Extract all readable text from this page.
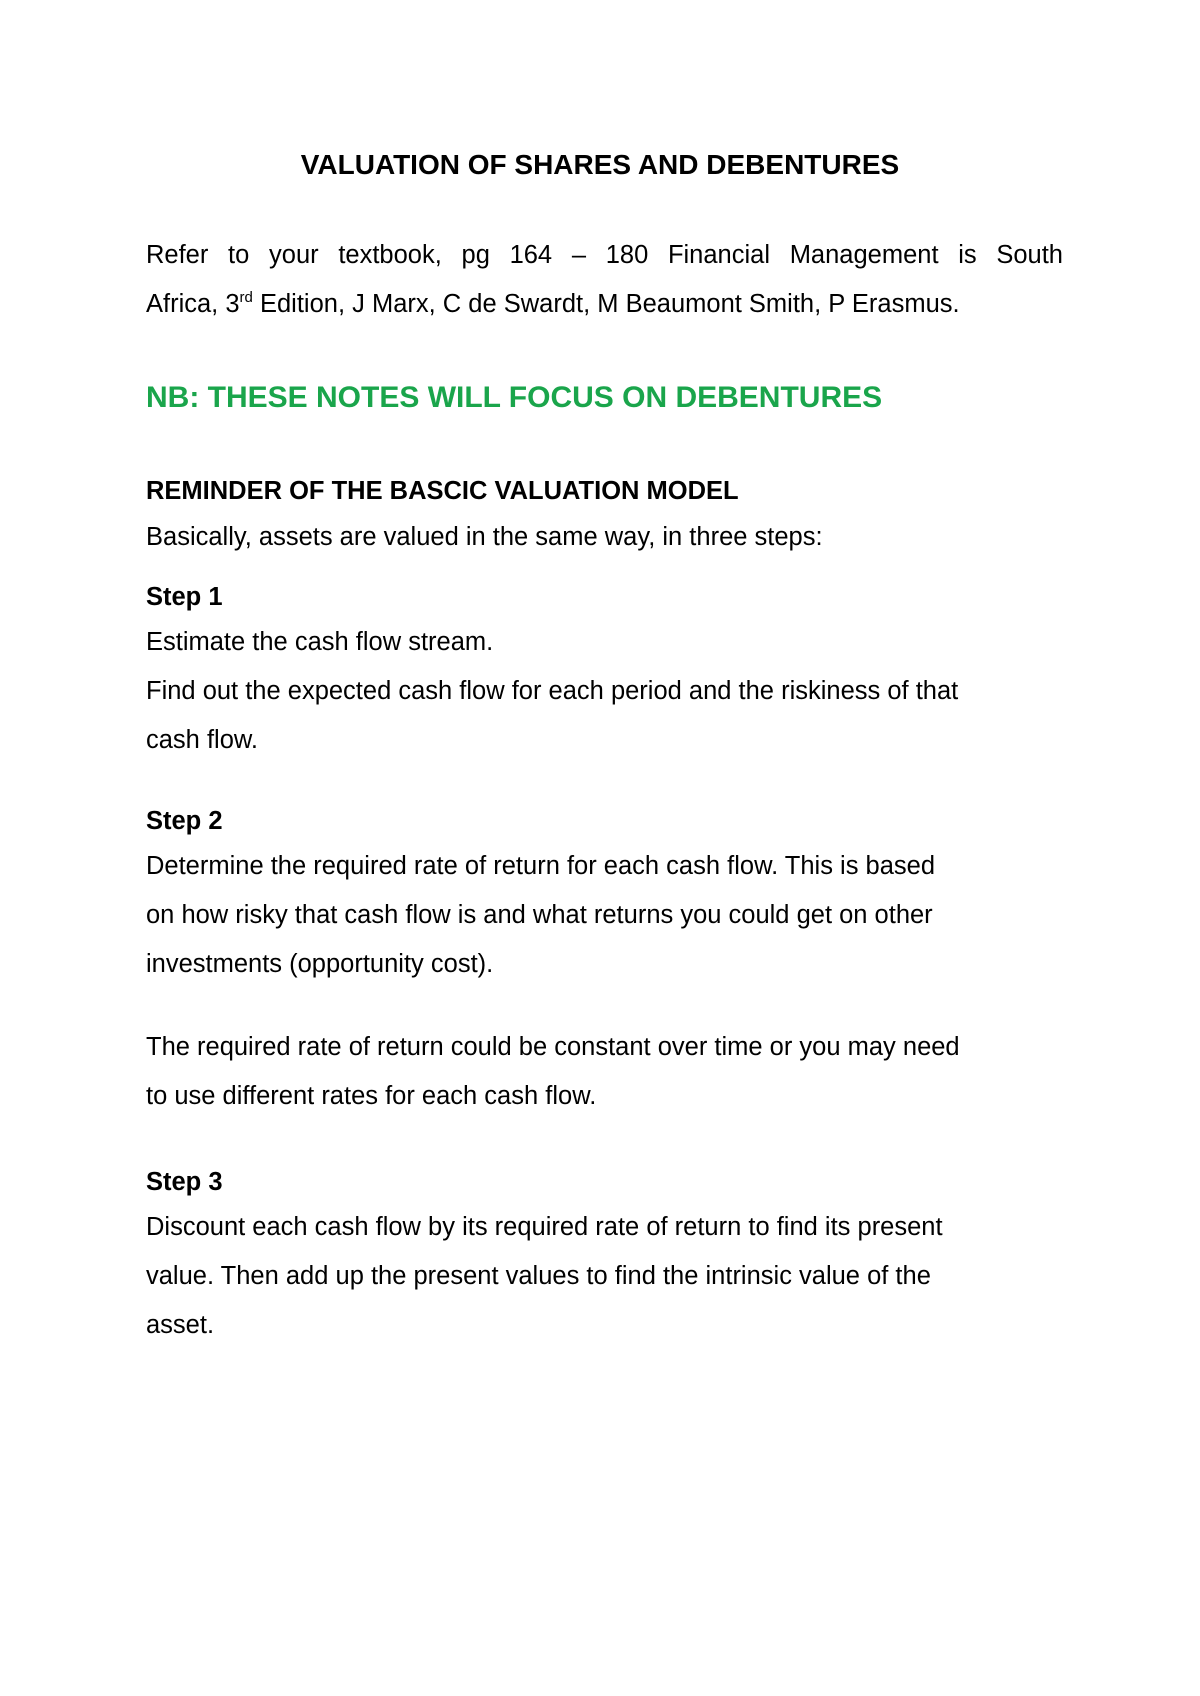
VALUATION OF SHARES AND DEBENTURES

Refer to your textbook, pg 164 – 180 Financial Management is South
Africa, 3rd Edition, J Marx, C de Swardt, M Beaumont Smith, P Erasmus.

NB: THESE NOTES WILL FOCUS ON DEBENTURES

REMINDER OF THE BASCIC VALUATION MODEL

Basically, assets are valued in the same way, in three steps:

Step 1

Estimate the cash flow stream.
Find out the expected cash flow for each period and the riskiness of that
cash flow.

Step 2

Determine the required rate of return for each cash flow. This is based
on how risky that cash flow is and what returns you could get on other
investments (opportunity cost).

The required rate of return could be constant over time or you may need
to use different rates for each cash flow.

Step 3

Discount each cash flow by its required rate of return to find its present
value. Then add up the present values to find the intrinsic value of the
asset.
